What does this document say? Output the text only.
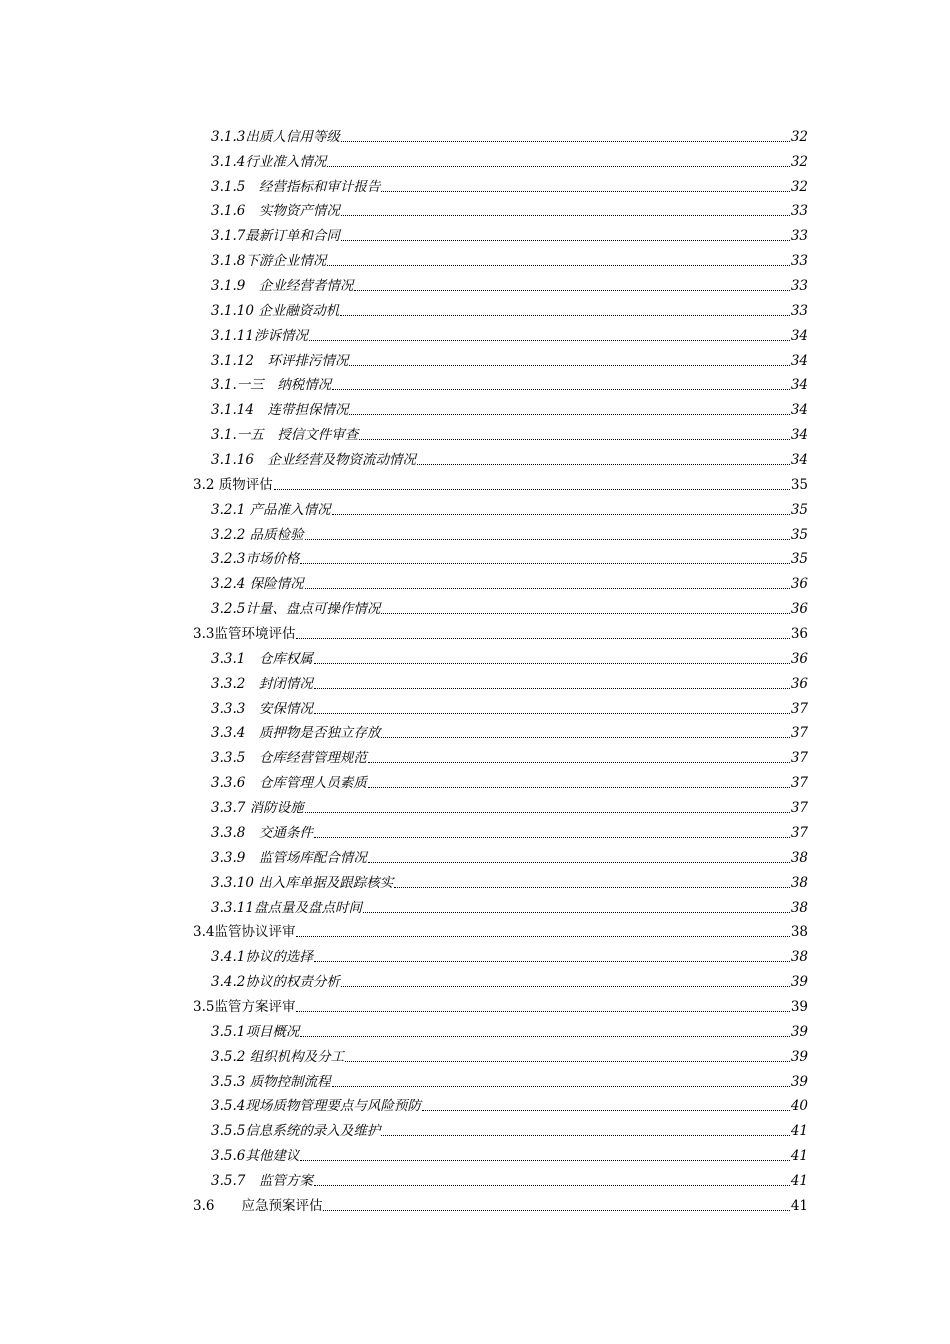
3.1.3出质人信用等级	32
3.1.4行业准入情况	32
3.1.5　经营指标和审计报告	32
3.1.6　实物资产情况	33
3.1.7最新订单和合同	33
3.1.8下游企业情况	33
3.1.9　企业经营者情况	33
3.1.10 企业融资动机	33
3.1.11涉诉情况	34
3.1.12　环评排污情况	34
3.1.一三　纳税情况	34
3.1.14　连带担保情况	34
3.1.一五　授信文件审查	34
3.1.16　企业经营及物资流动情况	34
3.2 质物评估	35
3.2.1 产品准入情况	35
3.2.2 品质检验	35
3.2.3市场价格	35
3.2.4 保险情况	36
3.2.5计量、盘点可操作情况	36
3.3监管环境评估	36
3.3.1　仓库权属	36
3.3.2　封闭情况	36
3.3.3　安保情况	37
3.3.4　质押物是否独立存放	37
3.3.5　仓库经营管理规范	37
3.3.6　仓库管理人员素质	37
3.3.7 消防设施	37
3.3.8　交通条件	37
3.3.9　监管场库配合情况	38
3.3.10 出入库单据及跟踪核实	38
3.3.11盘点量及盘点时间	38
3.4监管协议评审	38
3.4.1协议的选择	38
3.4.2协议的权责分析	39
3.5监管方案评审	39
3.5.1项目概况	39
3.5.2 组织机构及分工	39
3.5.3 质物控制流程	39
3.5.4现场质物管理要点与风险预防	40
3.5.5信息系统的录入及维护	41
3.5.6其他建议	41
3.5.7　监管方案	41
3.6　　应急预案评估	41
